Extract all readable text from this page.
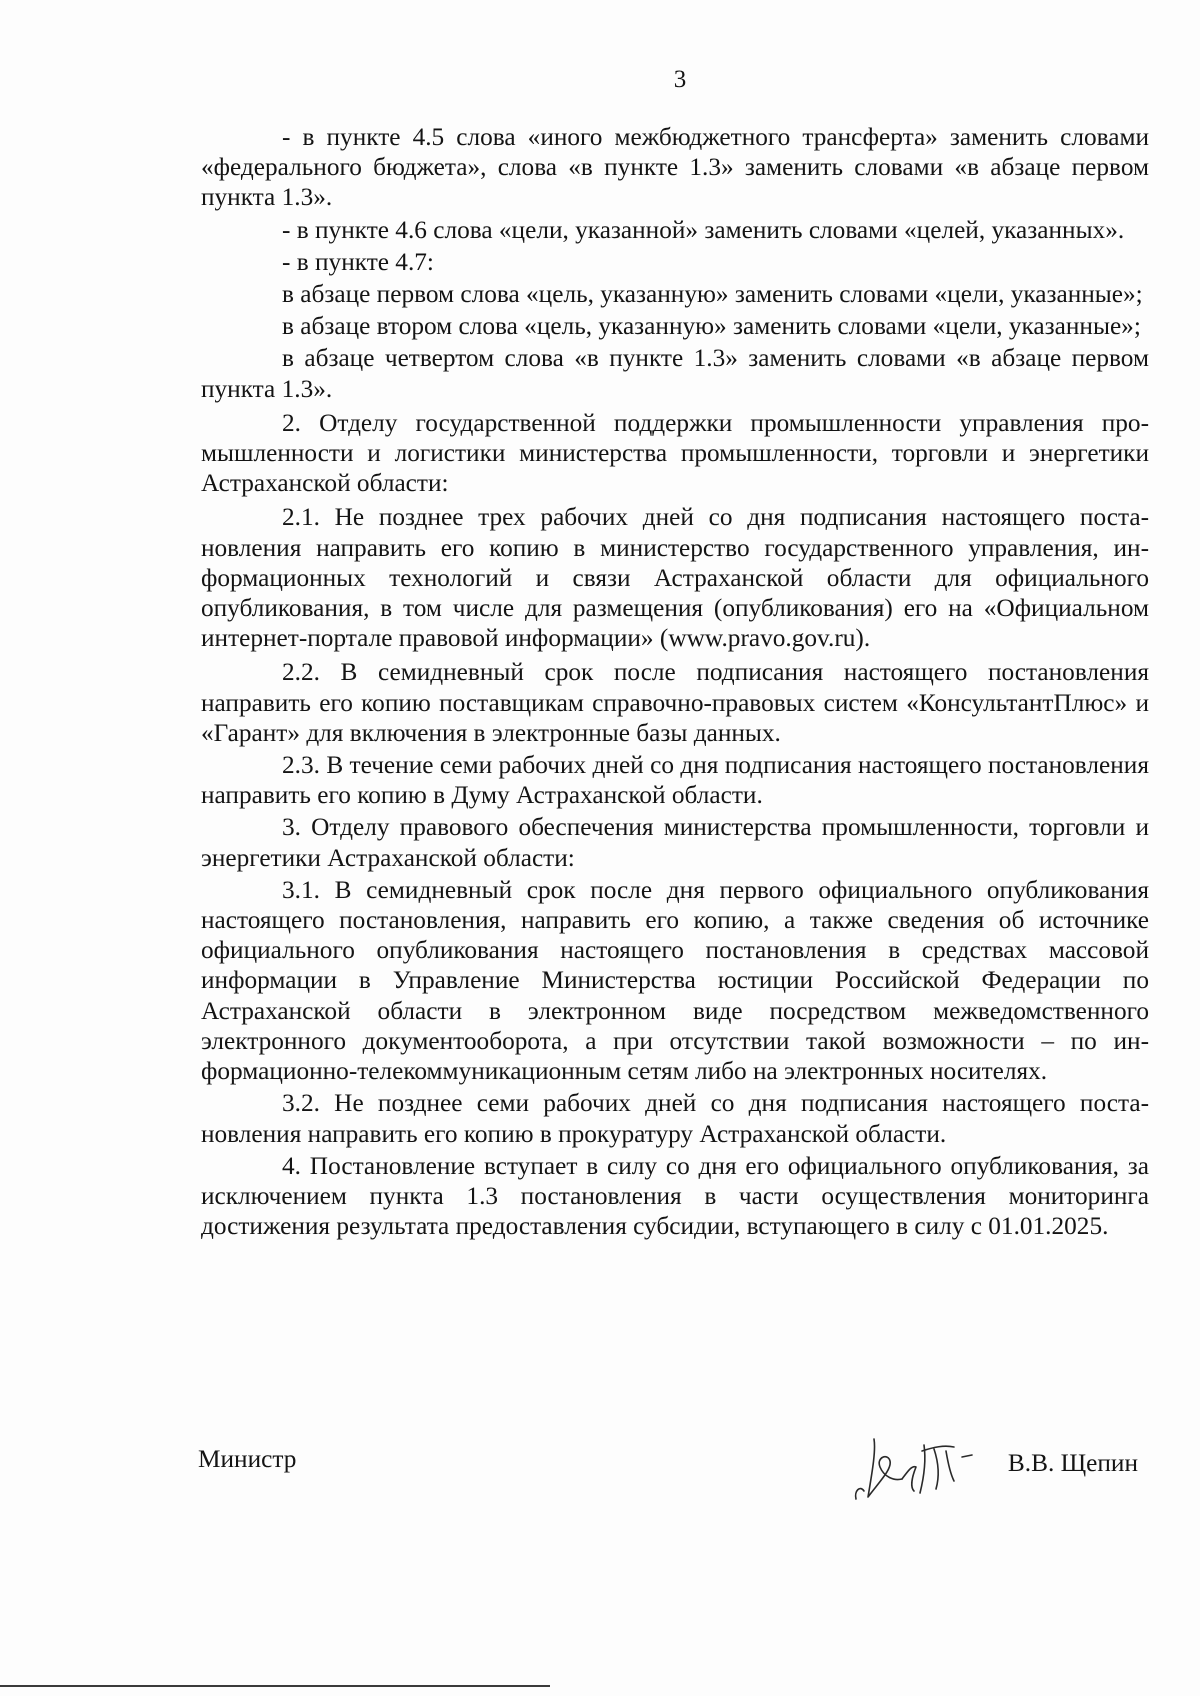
3

- в пункте 4.5 слова «иного межбюджетного трансферта» заменить словами «федерального бюджета», слова «в пункте 1.3» заменить словами «в абзаце первом пункта 1.3».

- в пункте 4.6 слова «цели, указанной» заменить словами «целей, указанных».

- в пункте 4.7:

в абзаце первом слова «цель, указанную» заменить словами «цели, указанные»;

в абзаце втором слова «цель, указанную» заменить словами «цели, указанные»;

в абзаце четвертом слова «в пункте 1.3» заменить словами «в абзаце первом пункта 1.3».

2. Отделу государственной поддержки промышленности управления промышленности и логистики министерства промышленности, торговли и энергетики Астраханской области:

2.1. Не позднее трех рабочих дней со дня подписания настоящего постановления направить его копию в министерство государственного управления, информационных технологий и связи Астраханской области для официального опубликования, в том числе для размещения (опубликования) его на «Официальном интернет-портале правовой информации» (www.pravo.gov.ru).

2.2. В семидневный срок после подписания настоящего постановления направить его копию поставщикам справочно-правовых систем «КонсультантПлюс» и «Гарант» для включения в электронные базы данных.

2.3. В течение семи рабочих дней со дня подписания настоящего постановления направить его копию в Думу Астраханской области.

3. Отделу правового обеспечения министерства промышленности, торговли и энергетики Астраханской области:

3.1. В семидневный срок после дня первого официального опубликования настоящего постановления, направить его копию, а также сведения об источнике официального опубликования настоящего постановления в средствах массовой информации в Управление Министерства юстиции Российской Федерации по Астраханской области в электронном виде посредством межведомственного электронного документооборота, а при отсутствии такой возможности – по информационно-телекоммуникационным сетям либо на электронных носителях.

3.2. Не позднее семи рабочих дней со дня подписания настоящего постановления направить его копию в прокуратуру Астраханской области.

4. Постановление вступает в силу со дня его официального опубликования, за исключением пункта 1.3 постановления в части осуществления мониторинга достижения результата предоставления субсидии, вступающего в силу с 01.01.2025.

Министр	В.В. Щепин
